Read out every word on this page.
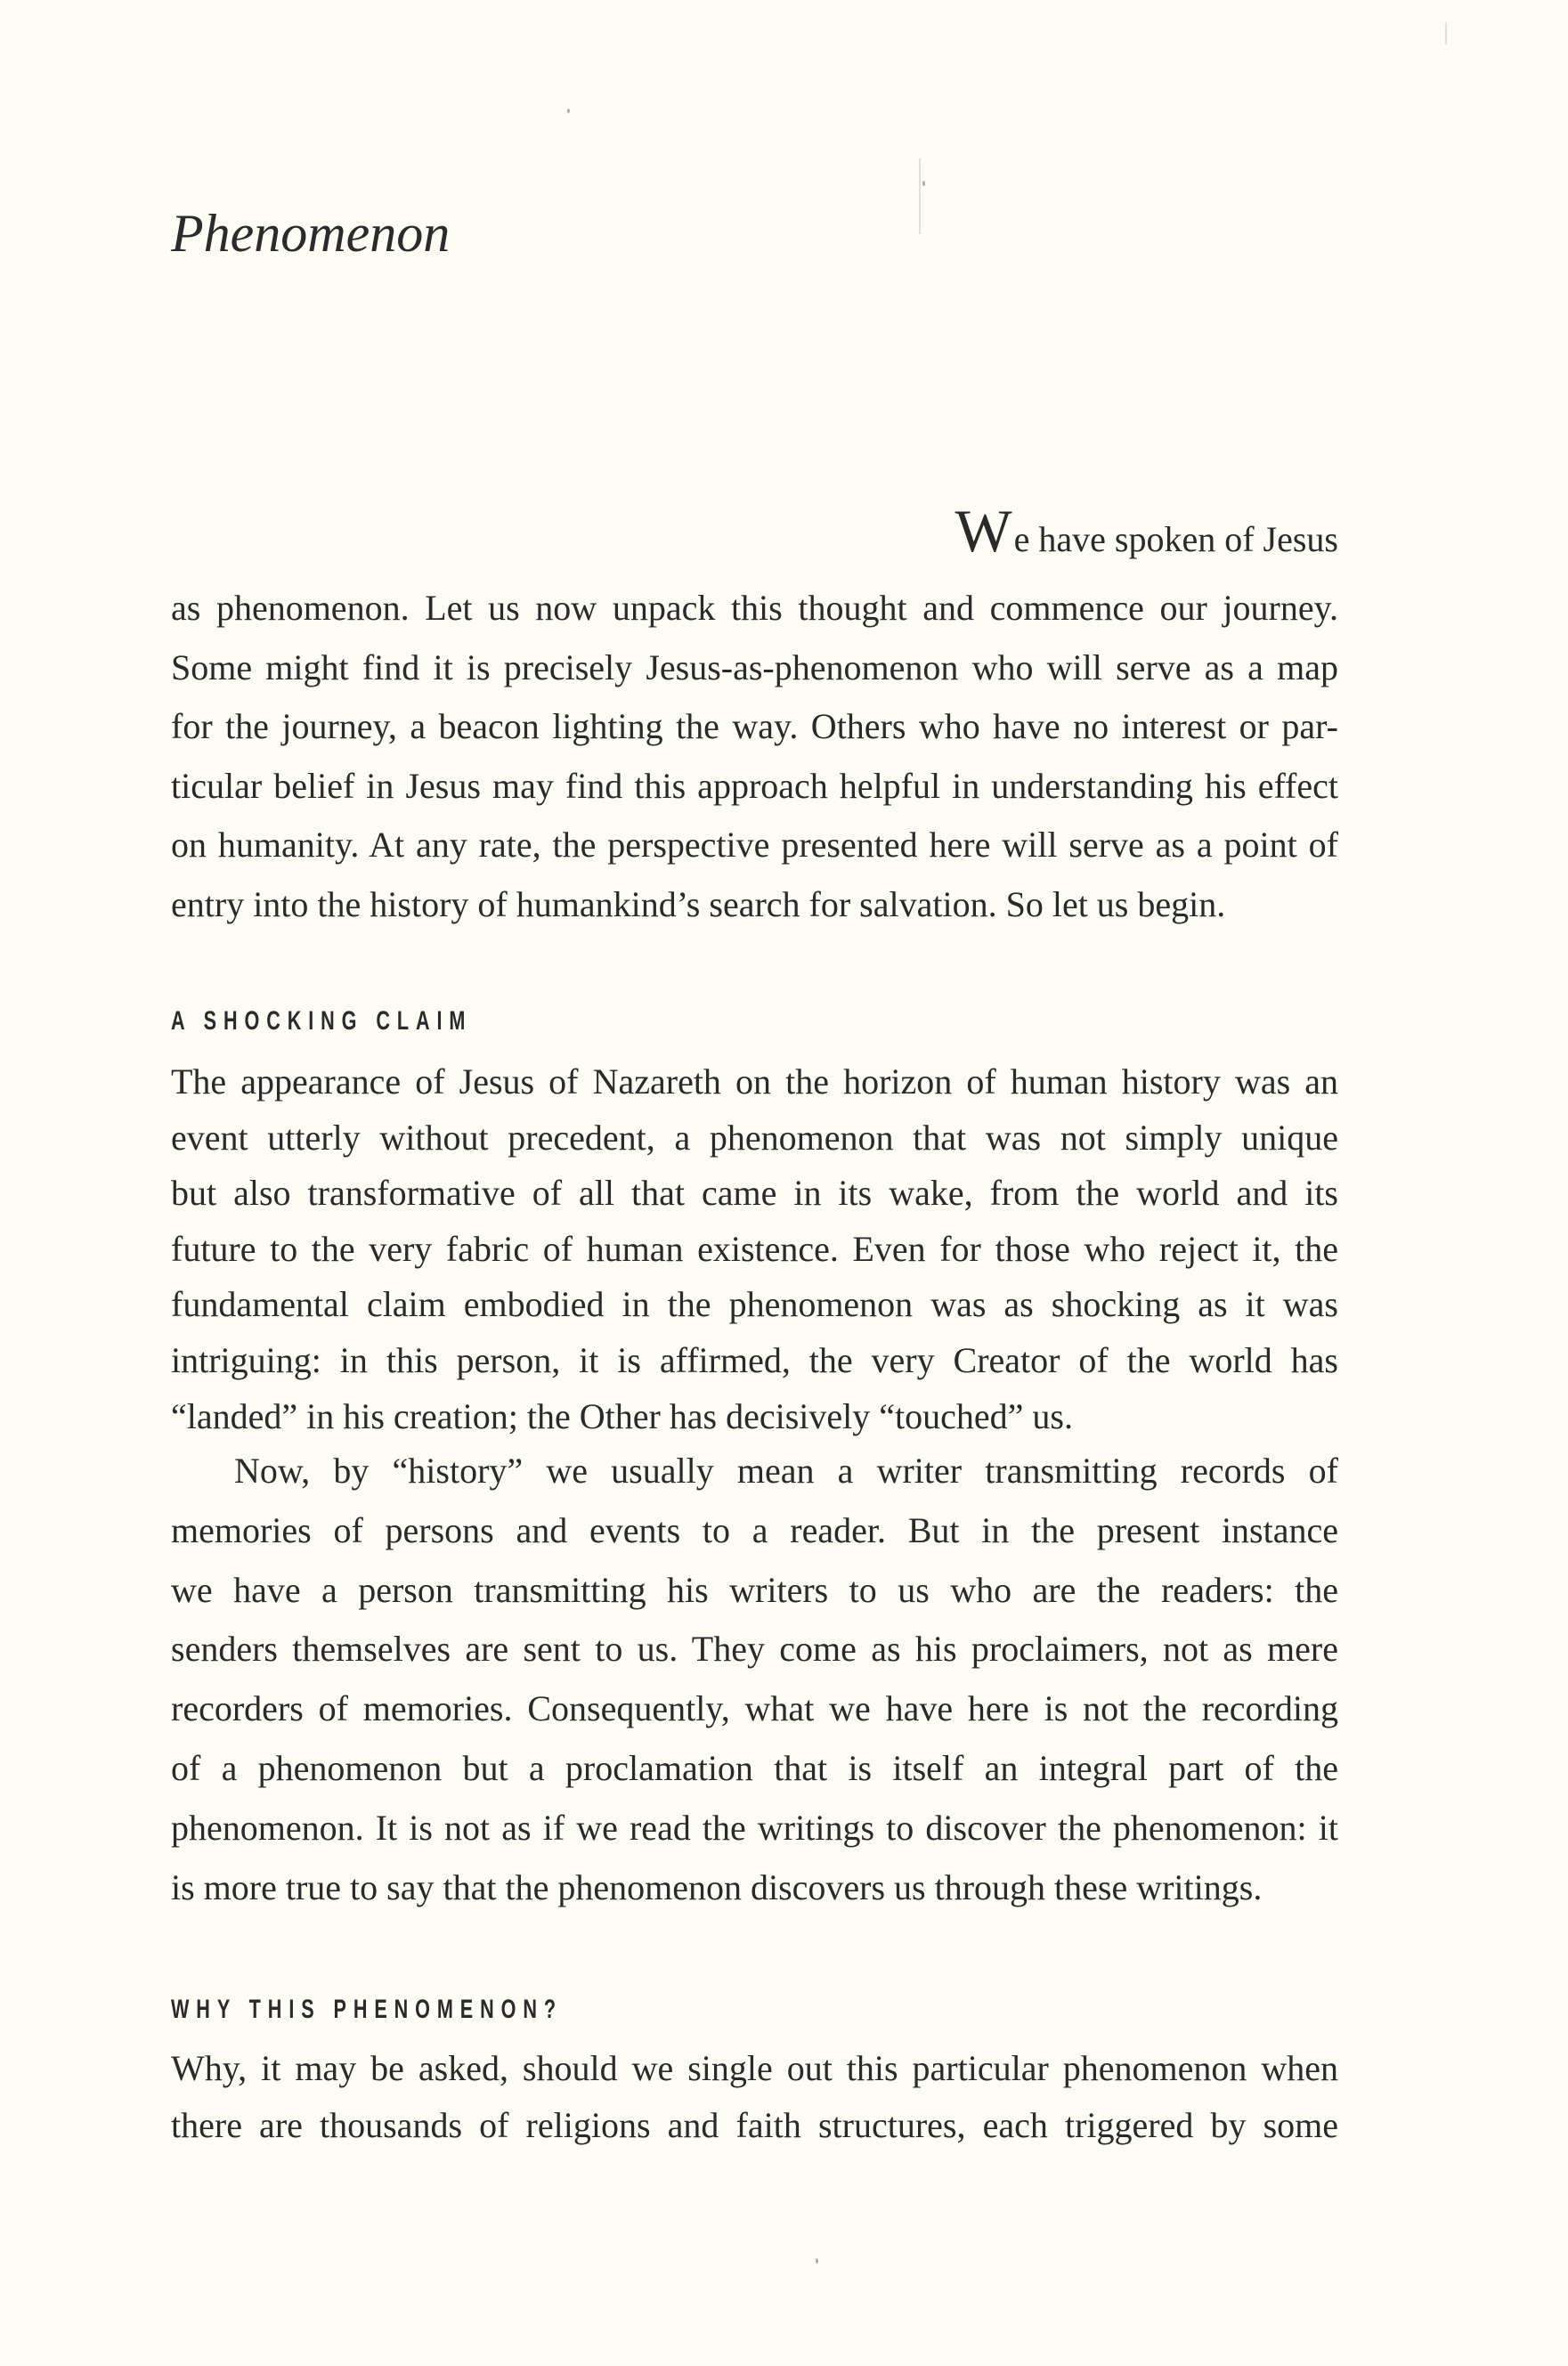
Phenomenon
We have spoken of Jesus
as phenomenon. Let us now unpack this thought and commence our journey.
Some might find it is precisely Jesus-as-phenomenon who will serve as a map
for the journey, a beacon lighting the way. Others who have no interest or par-
ticular belief in Jesus may find this approach helpful in understanding his effect
on humanity. At any rate, the perspective presented here will serve as a point of
entry into the history of humankind’s search for salvation. So let us begin.
A SHOCKING CLAIM
The appearance of Jesus of Nazareth on the horizon of human history was an
event utterly without precedent, a phenomenon that was not simply unique
but also transformative of all that came in its wake, from the world and its
future to the very fabric of human existence. Even for those who reject it, the
fundamental claim embodied in the phenomenon was as shocking as it was
intriguing: in this person, it is affirmed, the very Creator of the world has
“landed” in his creation; the Other has decisively “touched” us.
Now, by “history” we usually mean a writer transmitting records of
memories of persons and events to a reader. But in the present instance
we have a person transmitting his writers to us who are the readers: the
senders themselves are sent to us. They come as his proclaimers, not as mere
recorders of memories. Consequently, what we have here is not the recording
of a phenomenon but a proclamation that is itself an integral part of the
phenomenon. It is not as if we read the writings to discover the phenomenon: it
is more true to say that the phenomenon discovers us through these writings.
WHY THIS PHENOMENON?
Why, it may be asked, should we single out this particular phenomenon when
there are thousands of religions and faith structures, each triggered by some
